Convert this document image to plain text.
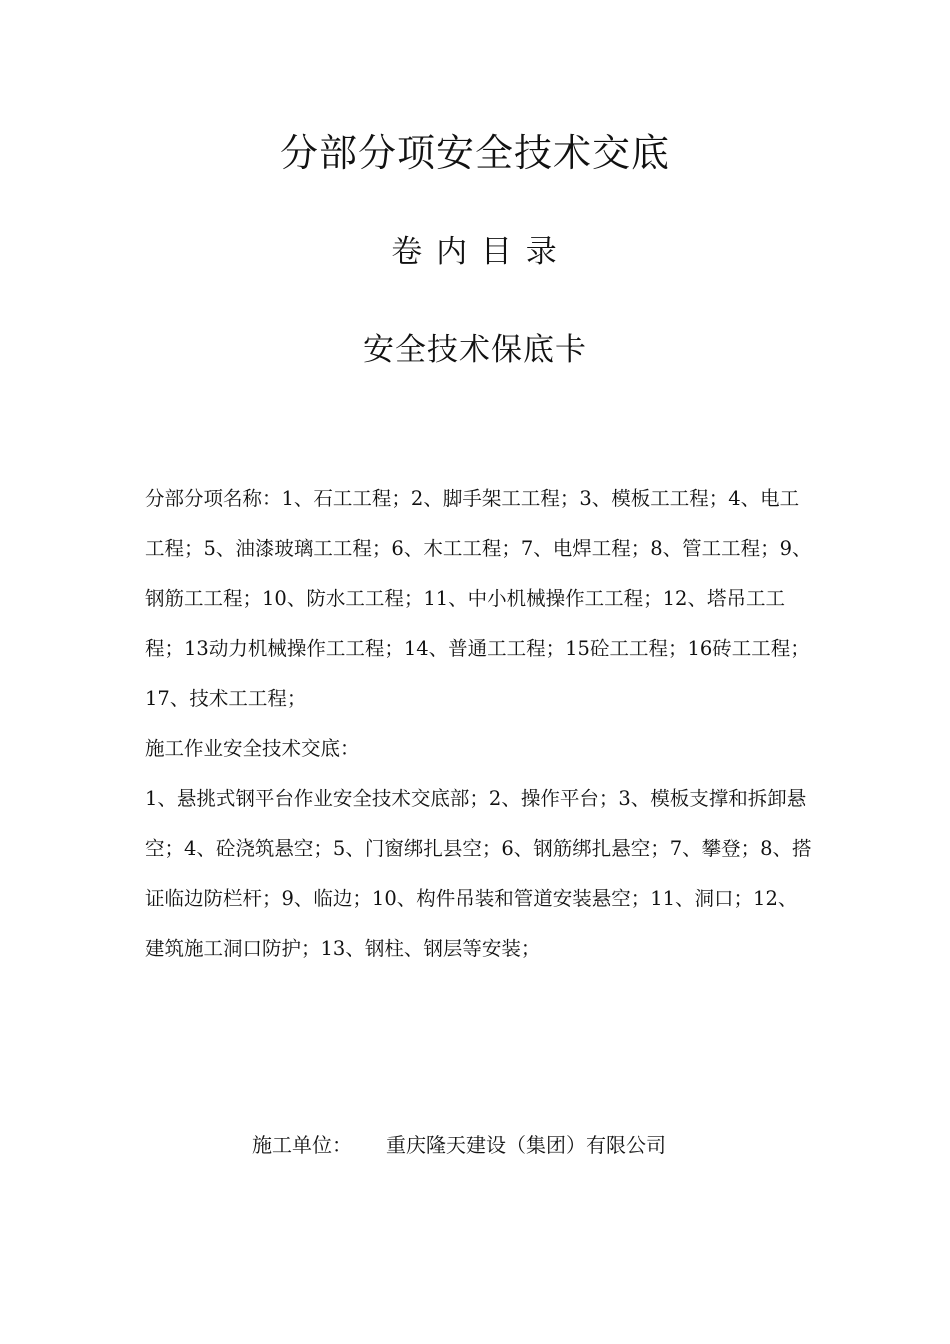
分部分项安全技术交底
卷 内 目 录
安全技术保底卡

分部分项名称：1、石工工程；2、脚手架工工程；3、模板工工程；4、电工工程；5、油漆玻璃工工程；6、木工工程；7、电焊工程；8、管工工程；9、钢筋工工程；10、防水工工程；11、中小机械操作工工程；12、塔吊工工程；13动力机械操作工工程；14、普通工工程；15砼工工程；16砖工工程；17、技术工工程；

施工作业安全技术交底：

1、悬挑式钢平台作业安全技术交底部；2、操作平台；3、模板支撑和拆卸悬空；4、砼浇筑悬空；5、门窗绑扎县空；6、钢筋绑扎悬空；7、攀登；8、搭证临边防栏杆；9、临边；10、构件吊装和管道安装悬空；11、洞口；12、建筑施工洞口防护；13、钢柱、钢层等安装；

施工单位： 重庆隆天建设（集团）有限公司
